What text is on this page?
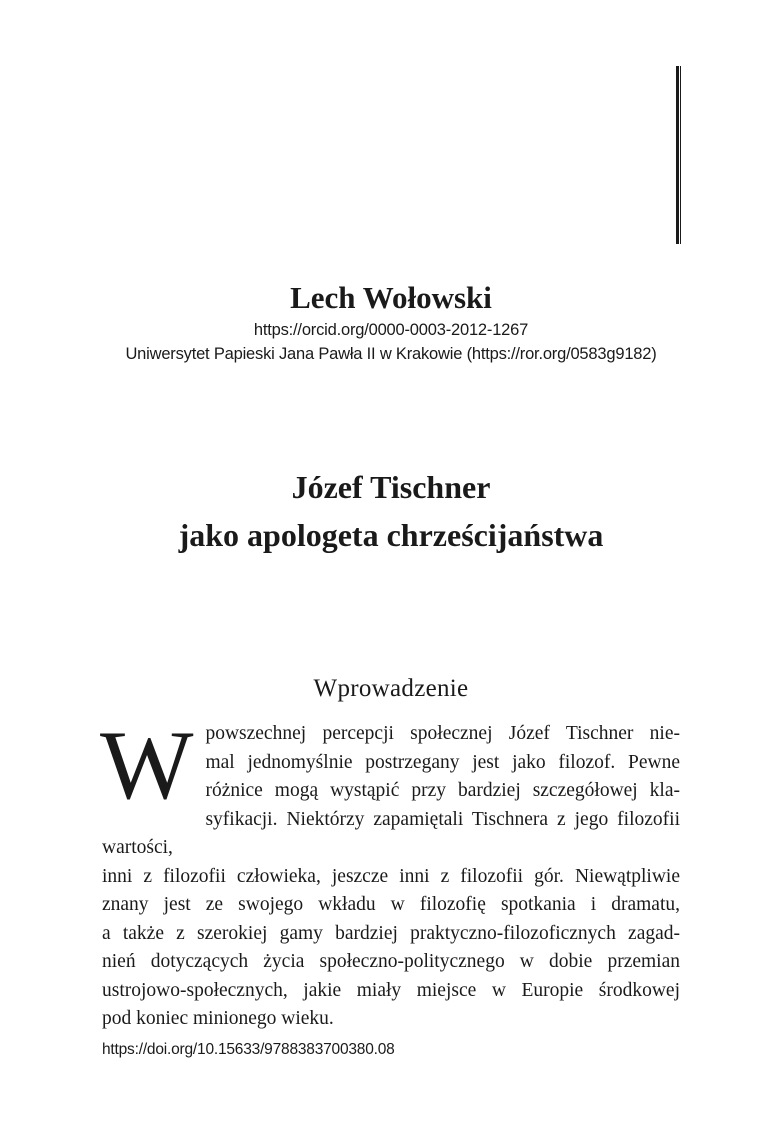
Lech Wołowski
https://orcid.org/0000-0003-2012-1267
Uniwersytet Papieski Jana Pawła II w Krakowie (https://ror.org/0583g9182)
Józef Tischner
jako apologeta chrześcijaństwa
Wprowadzenie
W powszechnej percepcji społecznej Józef Tischner nie-
mal jednomyślnie postrzegany jest jako filozof. Pewne
różnice mogą wystąpić przy bardziej szczegółowej kla-
syfikacji. Niektórzy zapamiętali Tischnera z jego filozofii wartości,
inni z filozofii człowieka, jeszcze inni z filozofii gór. Niewątpliwie
znany jest ze swojego wkładu w filozofię spotkania i dramatu,
a także z szerokiej gamy bardziej praktyczno-filozoficznych zagad-
nień dotyczących życia społeczno-politycznego w dobie przemian
ustrojowo-społecznych, jakie miały miejsce w Europie środkowej
pod koniec minionego wieku.
https://doi.org/10.15633/9788383700380.08
